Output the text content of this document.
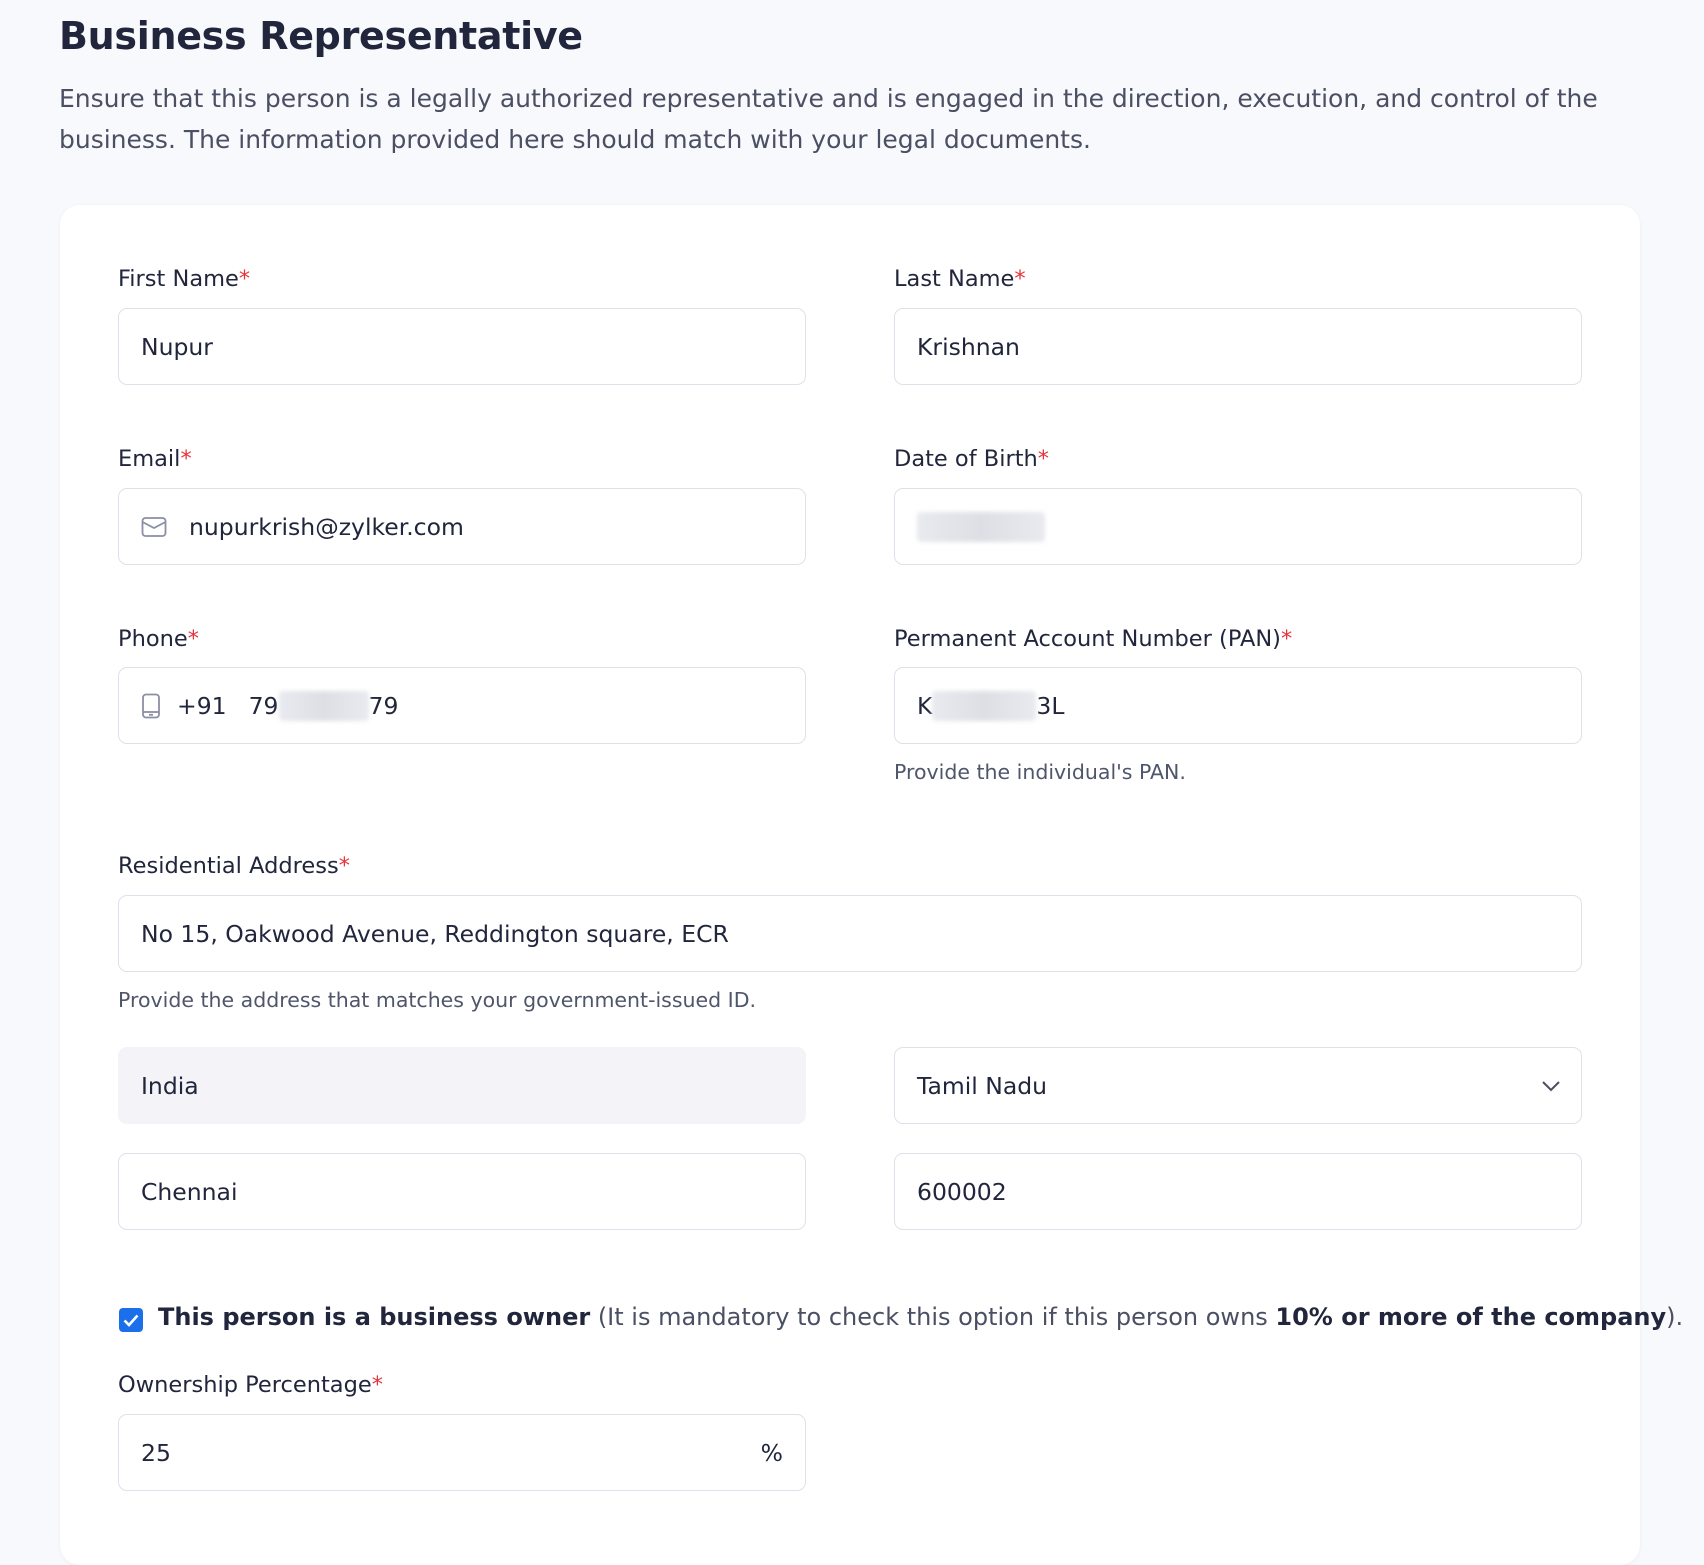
Business Representative

Ensure that this person is a legally authorized representative and is engaged in the direction, execution, and control of the business. The information provided here should match with your legal documents.

First Name*
Nupur
Last Name*
Krishnan
Email*
nupurkrish@zylker.com
Date of Birth*
Phone*
+91 79	79
Permanent Account Number (PAN)*
K	3L
Provide the individual's PAN.
Residential Address*
No 15, Oakwood Avenue, Reddington square, ECR
Provide the address that matches your government-issued ID.
India	Tamil Nadu
Chennai	600002
This person is a business owner (It is mandatory to check this option if this person owns 10% or more of the company).
Ownership Percentage*
25	%
